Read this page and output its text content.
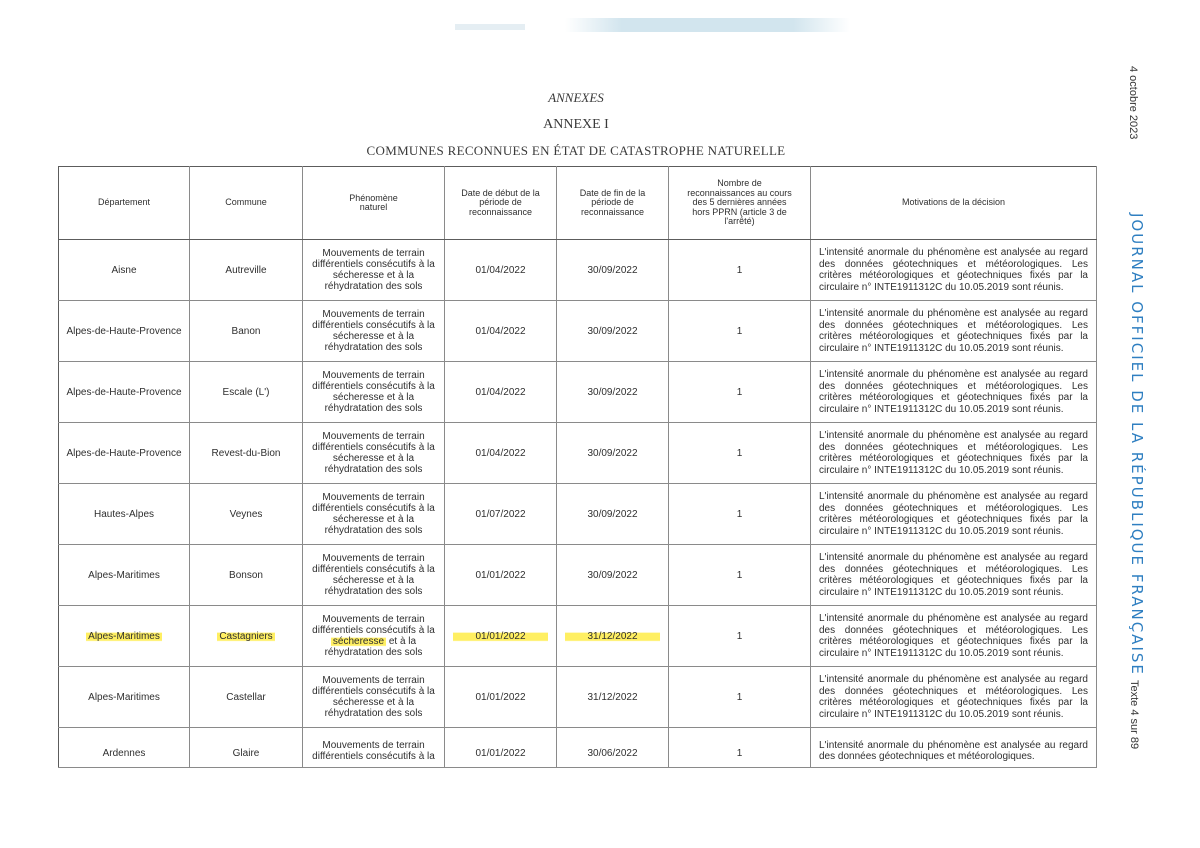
ANNEXES
ANNEXE I
COMMUNES RECONNUES EN ÉTAT DE CATASTROPHE NATURELLE
4 octobre 2023
JOURNAL OFFICIEL DE LA RÉPUBLIQUE FRANÇAISE
Texte 4 sur 89
Département	Commune	Phénomène naturel	Date de début de la période de reconnaissance	Date de fin de la période de reconnaissance	Nombre de reconnaissances au cours des 5 dernières années hors PPRN (article 3 de l'arrêté)	Motivations de la décision
Aisne	Autreville	Mouvements de terrain différentiels consécutifs à la sécheresse et à la réhydratation des sols	01/04/2022	30/09/2022	1	L'intensité anormale du phénomène est analysée au regard des données géotechniques et météorologiques. Les critères météorologiques et géotechniques fixés par la circulaire n° INTE1911312C du 10.05.2019 sont réunis.
Alpes-de-Haute-Provence	Banon	Mouvements de terrain différentiels consécutifs à la sécheresse et à la réhydratation des sols	01/04/2022	30/09/2022	1	L'intensité anormale du phénomène est analysée au regard des données géotechniques et météorologiques. Les critères météorologiques et géotechniques fixés par la circulaire n° INTE1911312C du 10.05.2019 sont réunis.
Alpes-de-Haute-Provence	Escale (L')	Mouvements de terrain différentiels consécutifs à la sécheresse et à la réhydratation des sols	01/04/2022	30/09/2022	1	L'intensité anormale du phénomène est analysée au regard des données géotechniques et météorologiques. Les critères météorologiques et géotechniques fixés par la circulaire n° INTE1911312C du 10.05.2019 sont réunis.
Alpes-de-Haute-Provence	Revest-du-Bion	Mouvements de terrain différentiels consécutifs à la sécheresse et à la réhydratation des sols	01/04/2022	30/09/2022	1	L'intensité anormale du phénomène est analysée au regard des données géotechniques et météorologiques. Les critères météorologiques et géotechniques fixés par la circulaire n° INTE1911312C du 10.05.2019 sont réunis.
Hautes-Alpes	Veynes	Mouvements de terrain différentiels consécutifs à la sécheresse et à la réhydratation des sols	01/07/2022	30/09/2022	1	L'intensité anormale du phénomène est analysée au regard des données géotechniques et météorologiques. Les critères météorologiques et géotechniques fixés par la circulaire n° INTE1911312C du 10.05.2019 sont réunis.
Alpes-Maritimes	Bonson	Mouvements de terrain différentiels consécutifs à la sécheresse et à la réhydratation des sols	01/01/2022	30/09/2022	1	L'intensité anormale du phénomène est analysée au regard des données géotechniques et météorologiques. Les critères météorologiques et géotechniques fixés par la circulaire n° INTE1911312C du 10.05.2019 sont réunis.
Alpes-Maritimes	Castagniers	Mouvements de terrain différentiels consécutifs à la sécheresse et à la réhydratation des sols	01/01/2022	31/12/2022	1	L'intensité anormale du phénomène est analysée au regard des données géotechniques et météorologiques. Les critères météorologiques et géotechniques fixés par la circulaire n° INTE1911312C du 10.05.2019 sont réunis.
Alpes-Maritimes	Castellar	Mouvements de terrain différentiels consécutifs à la sécheresse et à la réhydratation des sols	01/01/2022	31/12/2022	1	L'intensité anormale du phénomène est analysée au regard des données géotechniques et météorologiques. Les critères météorologiques et géotechniques fixés par la circulaire n° INTE1911312C du 10.05.2019 sont réunis.
Ardennes	Glaire	Mouvements de terrain différentiels consécutifs à la	01/01/2022	30/06/2022	1	L'intensité anormale du phénomène est analysée au regard des données géotechniques et météorologiques.
